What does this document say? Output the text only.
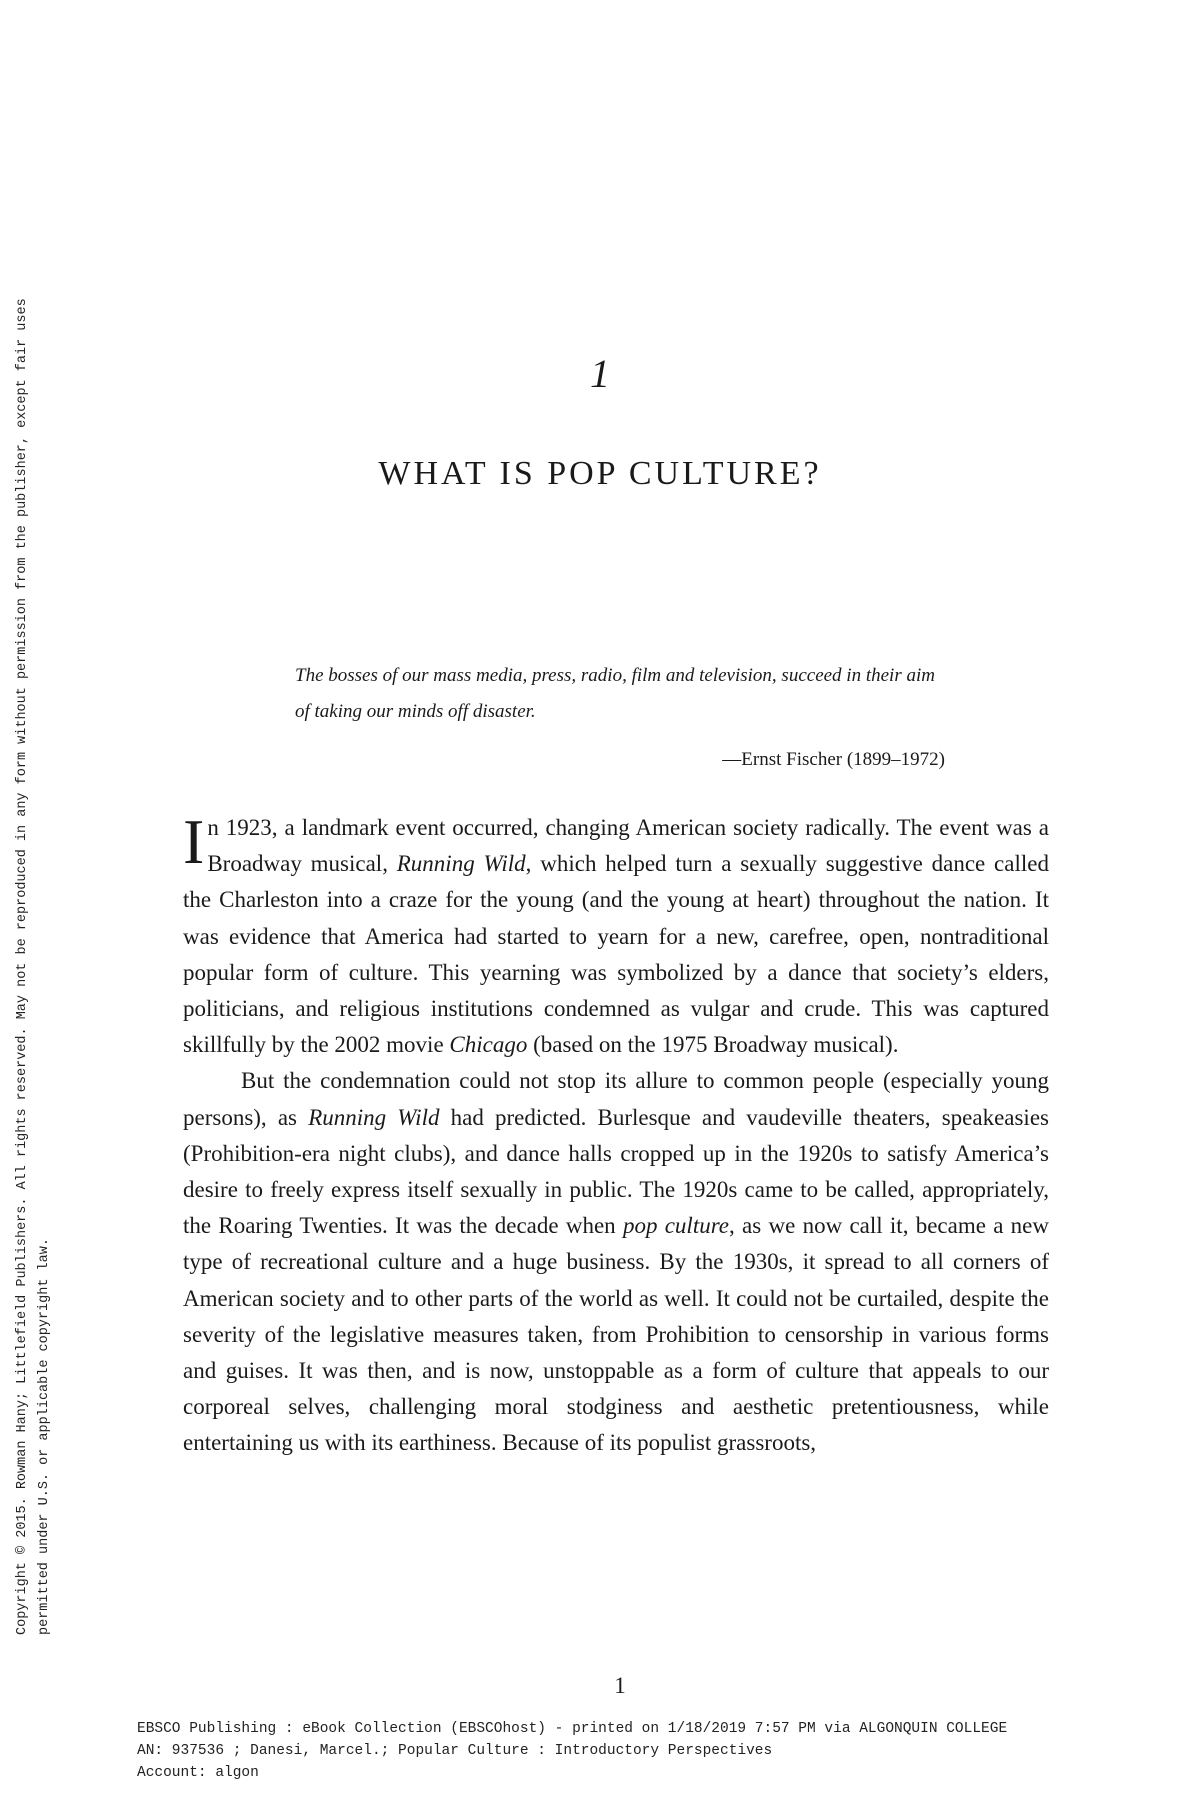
Copyright © 2015. Rowman Hany; Littlefield Publishers. All rights reserved. May not be reproduced in any form without permission from the publisher, except fair uses permitted under U.S. or applicable copyright law.
1
WHAT IS POP CULTURE?
The bosses of our mass media, press, radio, film and television, succeed in their aim of taking our minds off disaster.
—Ernst Fischer (1899–1972)

In 1923, a landmark event occurred, changing American society radically. The event was a Broadway musical, Running Wild, which helped turn a sexually suggestive dance called the Charleston into a craze for the young (and the young at heart) throughout the nation. It was evidence that America had started to yearn for a new, carefree, open, nontraditional popular form of culture. This yearning was symbolized by a dance that society’s elders, politicians, and religious institutions condemned as vulgar and crude. This was captured skillfully by the 2002 movie Chicago (based on the 1975 Broadway musical).

But the condemnation could not stop its allure to common people (especially young persons), as Running Wild had predicted. Burlesque and vaudeville theaters, speakeasies (Prohibition-era night clubs), and dance halls cropped up in the 1920s to satisfy America’s desire to freely express itself sexually in public. The 1920s came to be called, appropriately, the Roaring Twenties. It was the decade when pop culture, as we now call it, became a new type of recreational culture and a huge business. By the 1930s, it spread to all corners of American society and to other parts of the world as well. It could not be curtailed, despite the severity of the legislative measures taken, from Prohibition to censorship in various forms and guises. It was then, and is now, unstoppable as a form of culture that appeals to our corporeal selves, challenging moral stodginess and aesthetic pretentiousness, while entertaining us with its earthiness. Because of its populist grassroots,

1
EBSCO Publishing : eBook Collection (EBSCOhost) - printed on 1/18/2019 7:57 PM via ALGONQUIN COLLEGE
AN: 937536 ; Danesi, Marcel.; Popular Culture : Introductory Perspectives
Account: algon
